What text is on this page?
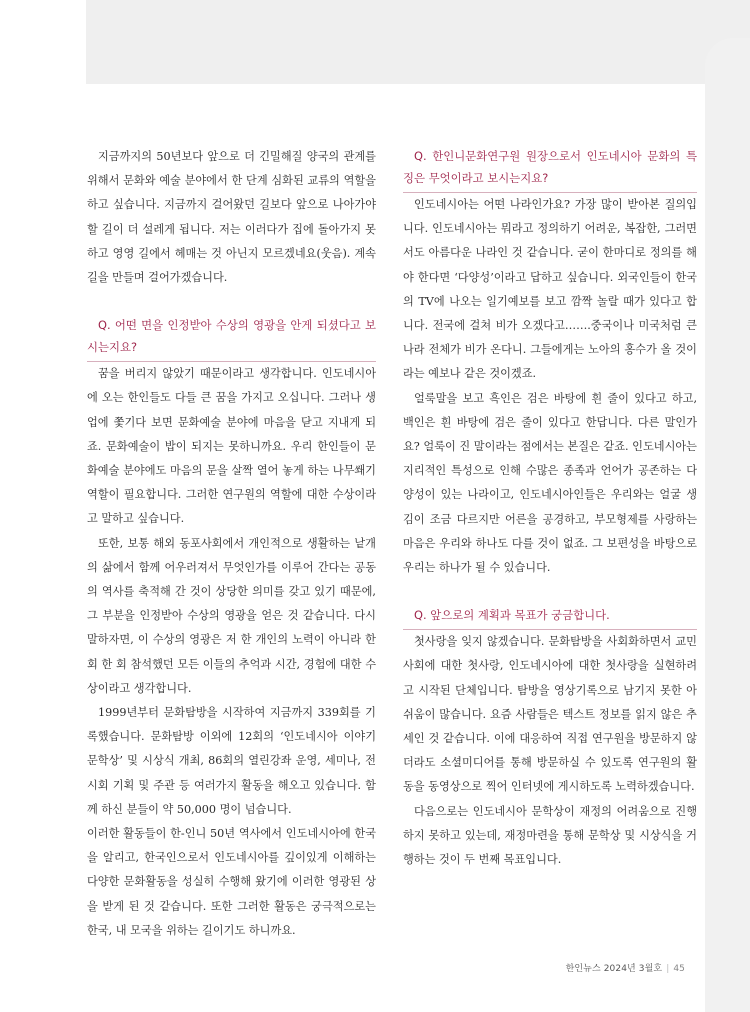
지금까지의 50년보다 앞으로 더 긴밀해질 양국의 관계를 위해서 문화와 예술 분야에서 한 단계 심화된 교류의 역할을 하고 싶습니다. 지금까지 걸어왔던 길보다 앞으로 나아가야 할 길이 더 설레게 됩니다. 저는 이러다가 집에 돌아가지 못하고 영영 길에서 헤매는 것 아닌지 모르겠네요(웃음). 계속 길을 만들며 걸어가겠습니다.

Q. 어떤 면을 인정받아 수상의 영광을 안게 되셨다고 보시는지요?

꿈을 버리지 않았기 때문이라고 생각합니다. 인도네시아에 오는 한인들도 다들 큰 꿈을 가지고 오십니다. 그러나 생업에 쫓기다 보면 문화예술 분야에 마음을 닫고 지내게 되죠. 문화예술이 밥이 되지는 못하니까요. 우리 한인들이 문화예술 분야에도 마음의 문을 살짝 열어 놓게 하는 나무쐐기 역할이 필요합니다. 그러한 연구원의 역할에 대한 수상이라고 말하고 싶습니다.

또한, 보통 해외 동포사회에서 개인적으로 생활하는 낱개의 삶에서 함께 어우러져서 무엇인가를 이루어 간다는 공동의 역사를 축적해 간 것이 상당한 의미를 갖고 있기 때문에, 그 부분을 인정받아 수상의 영광을 얻은 것 같습니다. 다시 말하자면, 이 수상의 영광은 저 한 개인의 노력이 아니라 한 회 한 회 참석했던 모든 이들의 추억과 시간, 경험에 대한 수상이라고 생각합니다.

1999년부터 문화탐방을 시작하여 지금까지 339회를 기록했습니다. 문화탐방 이외에 12회의 ‘인도네시아 이야기 문학상’ 및 시상식 개최, 86회의 열린강좌 운영, 세미나, 전시회 기획 및 주관 등 여러가지 활동을 해오고 있습니다. 함께 하신 분들이 약 50,000 명이 넘습니다.

이러한 활동들이 한-인니 50년 역사에서 인도네시아에 한국을 알리고, 한국인으로서 인도네시아를 깊이있게 이해하는 다양한 문화활동을 성실히 수행해 왔기에 이러한 영광된 상을 받게 된 것 같습니다. 또한 그러한 활동은 궁극적으로는 한국, 내 모국을 위하는 길이기도 하니까요.

Q. 한인니문화연구원 원장으로서 인도네시아 문화의 특징은 무엇이라고 보시는지요?

인도네시아는 어떤 나라인가요? 가장 많이 받아본 질의입니다. 인도네시아는 뭐라고 정의하기 어려운, 복잡한, 그러면서도 아름다운 나라인 것 같습니다. 굳이 한마디로 정의를 해야 한다면 ‘다양성’이라고 답하고 싶습니다. 외국인들이 한국의 TV에 나오는 일기예보를 보고 깜짝 놀랄 때가 있다고 합니다. 전국에 걸쳐 비가 오겠다고…….중국이나 미국처럼 큰 나라 전체가 비가 온다니. 그들에게는 노아의 홍수가 올 것이라는 예보나 같은 것이겠죠.

얼룩말을 보고 흑인은 검은 바탕에 흰 줄이 있다고 하고, 백인은 흰 바탕에 검은 줄이 있다고 한답니다. 다른 말인가요? 얼룩이 진 말이라는 점에서는 본질은 같죠. 인도네시아는 지리적인 특성으로 인해 수많은 종족과 언어가 공존하는 다양성이 있는 나라이고, 인도네시아인들은 우리와는 얼굴 생김이 조금 다르지만 어른을 공경하고, 부모형제를 사랑하는 마음은 우리와 하나도 다를 것이 없죠. 그 보편성을 바탕으로 우리는 하나가 될 수 있습니다.

Q. 앞으로의 계획과 목표가 궁금합니다.

첫사랑을 잊지 않겠습니다. 문화탐방을 사회화하면서 교민사회에 대한 첫사랑, 인도네시아에 대한 첫사랑을 실현하려고 시작된 단체입니다. 탐방을 영상기록으로 남기지 못한 아쉬움이 많습니다. 요즘 사람들은 텍스트 정보를 읽지 않은 추세인 것 같습니다. 이에 대응하여 직접 연구원을 방문하지 않더라도 소셜미디어를 통해 방문하실 수 있도록 연구원의 활동을 동영상으로 찍어 인터넷에 게시하도록 노력하겠습니다.

다음으로는 인도네시아 문학상이 재정의 어려움으로 진행하지 못하고 있는데, 재정마련을 통해 문학상 및 시상식을 거행하는 것이 두 번째 목표입니다.

한인뉴스 2024년 3월호 | 45
